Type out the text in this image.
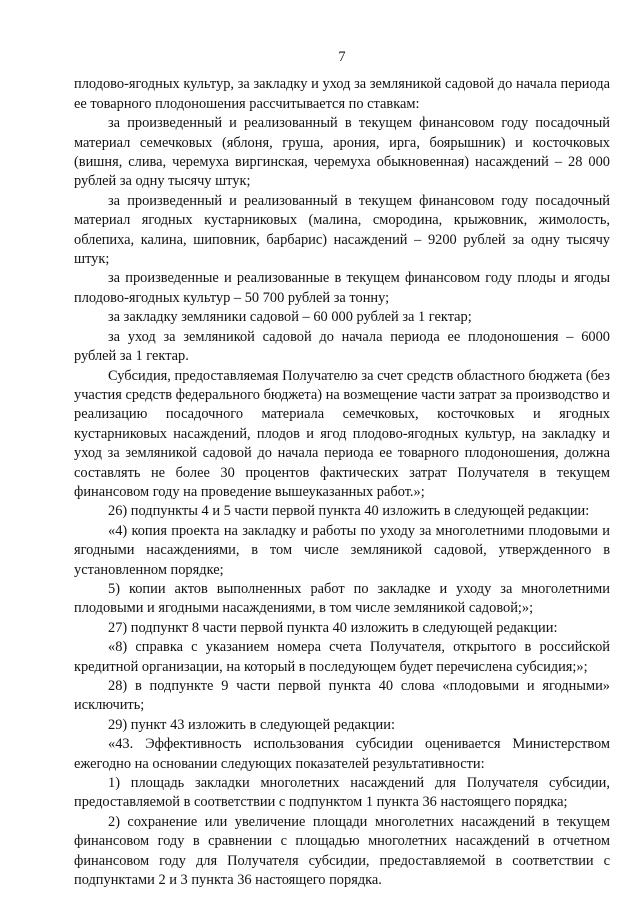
7

плодово-ягодных культур, за закладку и уход за земляникой садовой до начала периода ее товарного плодоношения рассчитывается по ставкам:

за произведенный и реализованный в текущем финансовом году посадочный материал семечковых (яблоня, груша, арония, ирга, боярышник) и косточковых (вишня, слива, черемуха виргинская, черемуха обыкновенная) насаждений – 28 000 рублей за одну тысячу штук;

за произведенный и реализованный в текущем финансовом году посадочный материал ягодных кустарниковых (малина, смородина, крыжовник, жимолость, облепиха, калина, шиповник, барбарис) насаждений – 9200 рублей за одну тысячу штук;

за произведенные и реализованные в текущем финансовом году плоды и ягоды плодово-ягодных культур – 50 700 рублей за тонну;

за закладку земляники садовой – 60 000 рублей за 1 гектар;

за уход за земляникой садовой до начала периода ее плодоношения – 6000 рублей за 1 гектар.

Субсидия, предоставляемая Получателю за счет средств областного бюджета (без участия средств федерального бюджета) на возмещение части затрат за производство и реализацию посадочного материала семечковых, косточковых и ягодных кустарниковых насаждений, плодов и ягод плодово-ягодных культур, на закладку и уход за земляникой садовой до начала периода ее товарного плодоношения, должна составлять не более 30 процентов фактических затрат Получателя в текущем финансовом году на проведение вышеуказанных работ.»;

26) подпункты 4 и 5 части первой пункта 40 изложить в следующей редакции:

«4) копия проекта на закладку и работы по уходу за многолетними плодовыми и ягодными насаждениями, в том числе земляникой садовой, утвержденного в установленном порядке;

5) копии актов выполненных работ по закладке и уходу за многолетними плодовыми и ягодными насаждениями, в том числе земляникой садовой;»;

27) подпункт 8 части первой пункта 40 изложить в следующей редакции:

«8) справка с указанием номера счета Получателя, открытого в российской кредитной организации, на который в последующем будет перечислена субсидия;»;

28) в подпункте 9 части первой пункта 40 слова «плодовыми и ягодными» исключить;

29) пункт 43 изложить в следующей редакции:

«43. Эффективность использования субсидии оценивается Министерством ежегодно на основании следующих показателей результативности:

1) площадь закладки многолетних насаждений для Получателя субсидии, предоставляемой в соответствии с подпунктом 1 пункта 36 настоящего порядка;

2) сохранение или увеличение площади многолетних насаждений в текущем финансовом году в сравнении с площадью многолетних насаждений в отчетном финансовом году для Получателя субсидии, предоставляемой в соответствии с подпунктами 2 и 3 пункта 36 настоящего порядка.
